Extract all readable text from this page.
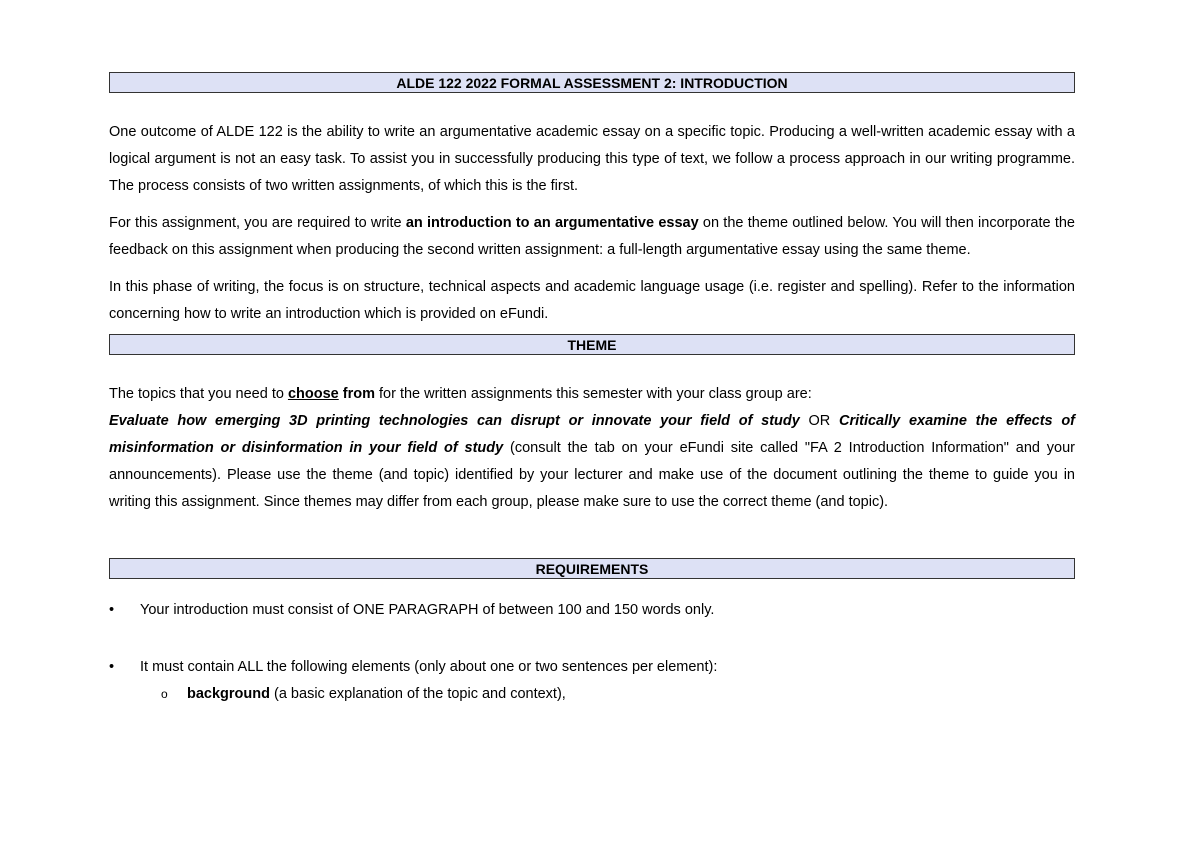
ALDE 122 2022 FORMAL ASSESSMENT 2: INTRODUCTION

One outcome of ALDE 122 is the ability to write an argumentative academic essay on a specific topic. Producing a well-written academic essay with a logical argument is not an easy task. To assist you in successfully producing this type of text, we follow a process approach in our writing programme. The process consists of two written assignments, of which this is the first.

For this assignment, you are required to write an introduction to an argumentative essay on the theme outlined below. You will then incorporate the feedback on this assignment when producing the second written assignment: a full-length argumentative essay using the same theme.

In this phase of writing, the focus is on structure, technical aspects and academic language usage (i.e. register and spelling). Refer to the information concerning how to write an introduction which is provided on eFundi.

THEME

The topics that you need to choose from for the written assignments this semester with your class group are:

Evaluate how emerging 3D printing technologies can disrupt or innovate your field of study OR Critically examine the effects of misinformation or disinformation in your field of study (consult the tab on your eFundi site called "FA 2 Introduction Information" and your announcements). Please use the theme (and topic) identified by your lecturer and make use of the document outlining the theme to guide you in writing this assignment. Since themes may differ from each group, please make sure to use the correct theme (and topic).

REQUIREMENTS
•	Your introduction must consist of ONE PARAGRAPH of between 100 and 150 words only.
•	It must contain ALL the following elements (only about one or two sentences per element):
o	background (a basic explanation of the topic and context),
